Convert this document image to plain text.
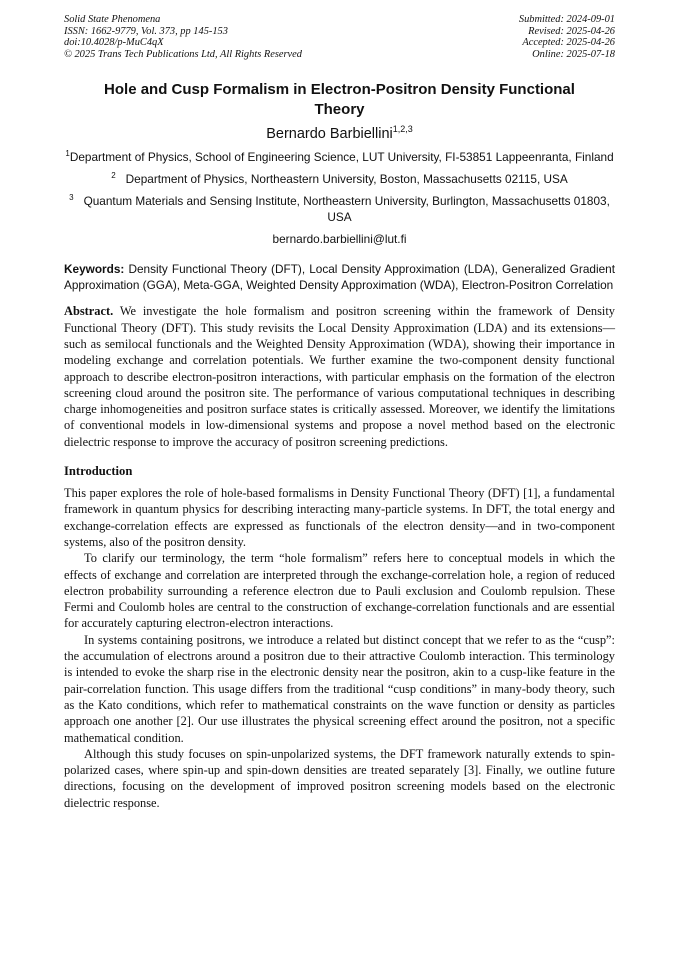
Solid State Phenomena
ISSN: 1662-9779, Vol. 373, pp 145-153
doi:10.4028/p-MuC4qX
© 2025 Trans Tech Publications Ltd, All Rights Reserved
Submitted: 2024-09-01
Revised: 2025-04-26
Accepted: 2025-04-26
Online: 2025-07-18
Hole and Cusp Formalism in Electron-Positron Density Functional Theory
Bernardo Barbiellini$^{1,2,3}$
$^1$Department of Physics, School of Engineering Science, LUT University, FI-53851 Lappeenranta, Finland
$^2$ Department of Physics, Northeastern University, Boston, Massachusetts 02115, USA
$^3$ Quantum Materials and Sensing Institute, Northeastern University, Burlington, Massachusetts 01803, USA
bernardo.barbiellini@lut.fi
Keywords: Density Functional Theory (DFT), Local Density Approximation (LDA), Generalized Gradient Approximation (GGA), Meta-GGA, Weighted Density Approximation (WDA), Electron-Positron Correlation
Abstract. We investigate the hole formalism and positron screening within the framework of Density Functional Theory (DFT). This study revisits the Local Density Approximation (LDA) and its extensions—such as semilocal functionals and the Weighted Density Approximation (WDA), showing their importance in modeling exchange and correlation potentials. We further examine the two-component density functional approach to describe electron-positron interactions, with particular emphasis on the formation of the electron screening cloud around the positron site. The performance of various computational techniques in describing charge inhomogeneities and positron surface states is critically assessed. Moreover, we identify the limitations of conventional models in low-dimensional systems and propose a novel method based on the electronic dielectric response to improve the accuracy of positron screening predictions.
Introduction

This paper explores the role of hole-based formalisms in Density Functional Theory (DFT) [1], a fundamental framework in quantum physics for describing interacting many-particle systems. In DFT, the total energy and exchange-correlation effects are expressed as functionals of the electron density—and in two-component systems, also of the positron density.

To clarify our terminology, the term “hole formalism” refers here to conceptual models in which the effects of exchange and correlation are interpreted through the exchange-correlation hole, a region of reduced electron probability surrounding a reference electron due to Pauli exclusion and Coulomb repulsion. These Fermi and Coulomb holes are central to the construction of exchange-correlation functionals and are essential for accurately capturing electron-electron interactions.

In systems containing positrons, we introduce a related but distinct concept that we refer to as the “cusp”: the accumulation of electrons around a positron due to their attractive Coulomb interaction. This terminology is intended to evoke the sharp rise in the electronic density near the positron, akin to a cusp-like feature in the pair-correlation function. This usage differs from the traditional “cusp conditions” in many-body theory, such as the Kato conditions, which refer to mathematical constraints on the wave function or density as particles approach one another [2]. Our use illustrates the physical screening effect around the positron, not a specific mathematical condition.

Although this study focuses on spin-unpolarized systems, the DFT framework naturally extends to spin-polarized cases, where spin-up and spin-down densities are treated separately [3]. Finally, we outline future directions, focusing on the development of improved positron screening models based on the electronic dielectric response.
